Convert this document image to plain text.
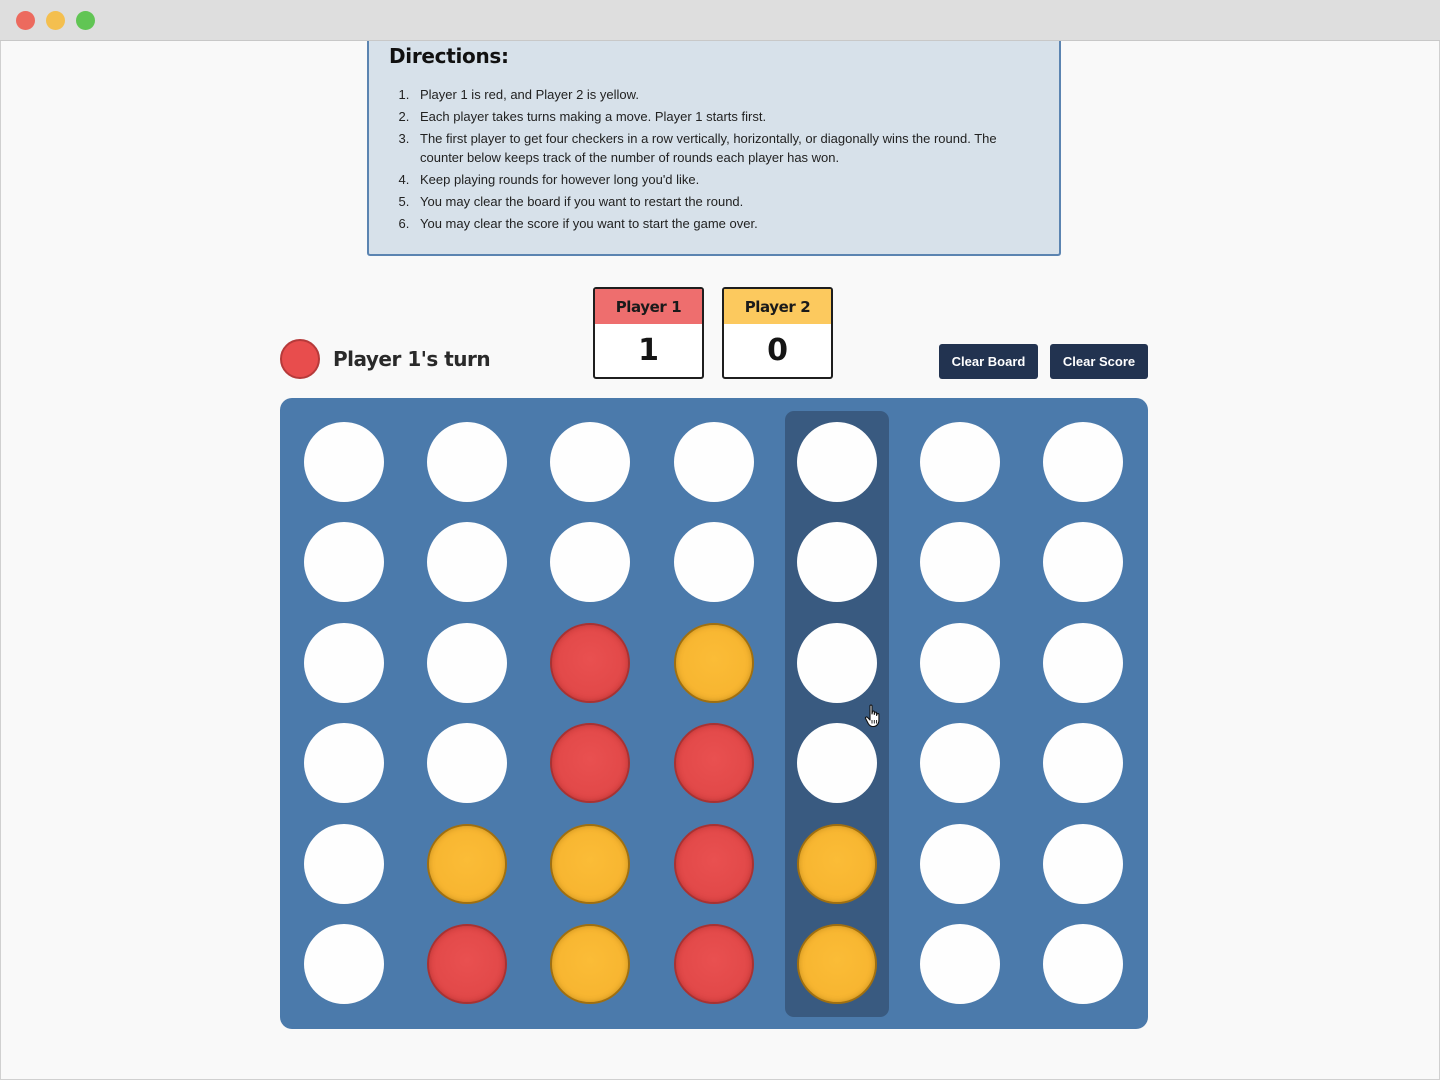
Directions:
1. Player 1 is red, and Player 2 is yellow.
2. Each player takes turns making a move. Player 1 starts first.
3. The first player to get four checkers in a row vertically, horizontally, or diagonally wins the round. The counter below keeps track of the number of rounds each player has won.
4. Keep playing rounds for however long you'd like.
5. You may clear the board if you want to restart the round.
6. You may clear the score if you want to start the game over.
Player 1's turn
Player 1
1
Player 2
0	Clear Board	Clear Score
